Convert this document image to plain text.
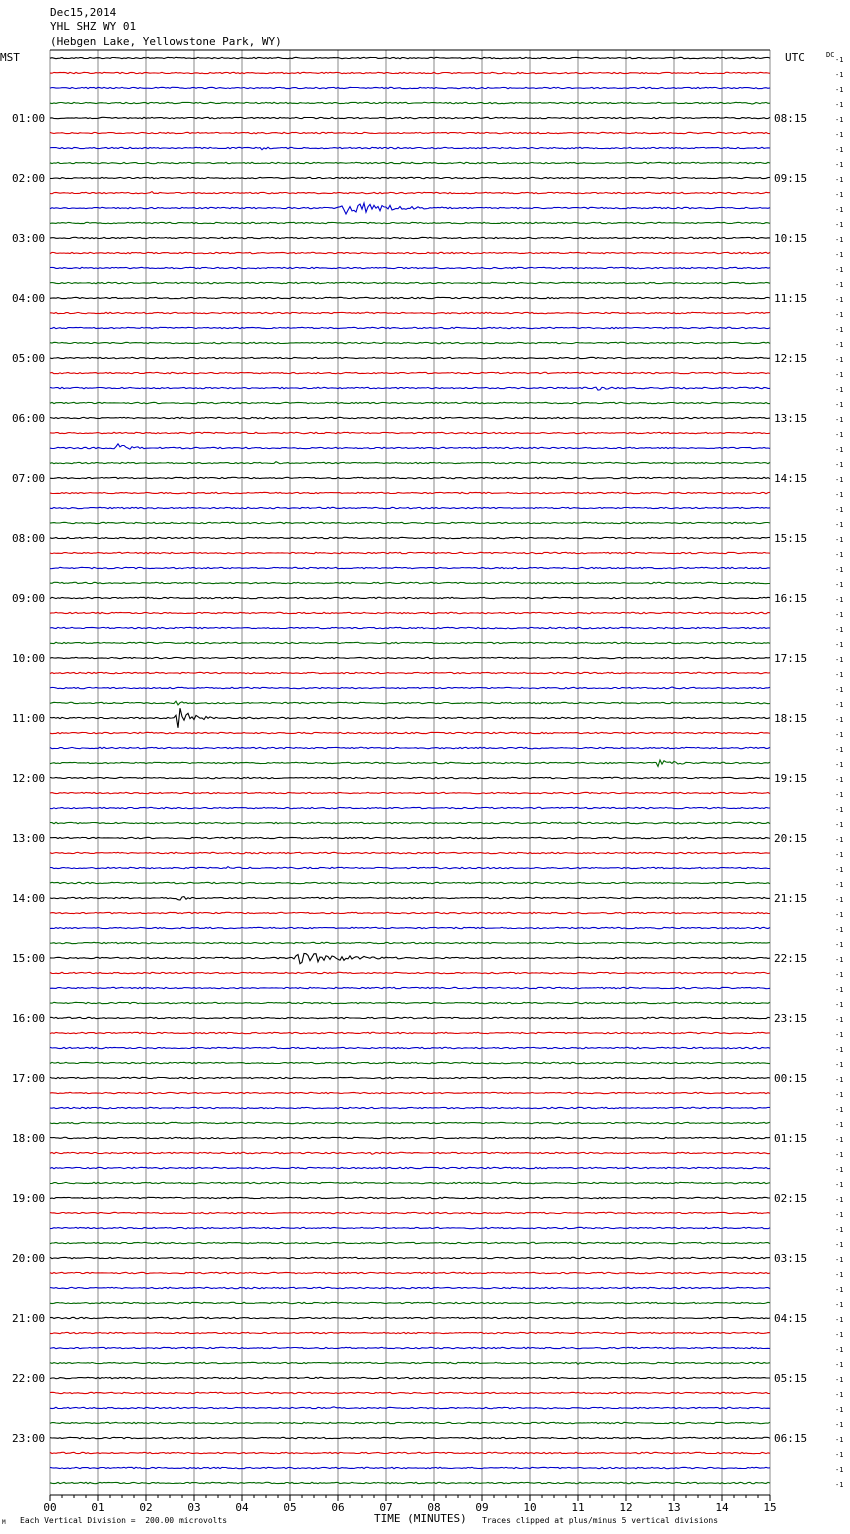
Dec15,2014
YHL SHZ WY 01
(Hebgen Lake, Yellowstone Park, WY)
MST	UTC	DC
01:00
02:00
03:00
04:00
05:00
06:00
07:00
08:00
09:00
10:00
11:00
12:00
13:00
14:00
15:00
16:00
17:00
18:00
19:00
20:00
21:00
22:00
23:00
08:15
09:15
10:15
11:15
12:15
13:15
14:15
15:15
16:15
17:15
18:15
19:15
20:15
21:15
22:15
23:15
00:15
01:15
02:15
03:15
04:15
05:15
06:15
-1
-1
-1
-1
-1
-1
-1
-1
-1
-1
-1
-1
-1
-1
-1
-1
-1
-1
-1
-1
-1
-1
-1
-1
-1
-1
-1
-1
-1
-1
-1
-1
-1
-1
-1
-1
-1
-1
-1
-1
-1
-1
-1
-1
-1
-1
-1
-1
-1
-1
-1
-1
-1
-1
-1
-1
-1
-1
-1
-1
-1
-1
-1
-1
-1
-1
-1
-1
-1
-1
-1
-1
-1
-1
-1
-1
-1
-1
-1
-1
-1
-1
-1
-1
-1
-1
-1
-1
-1
-1
-1
-1
-1
-1
-1
-1
00	01	02	03	04	05	06	07	08	09	10	11	12	13	14	15
M Each Vertical Division =  200.00 microvolts	TIME (MINUTES) Traces clipped at plus/minus 5 vertical divisions
